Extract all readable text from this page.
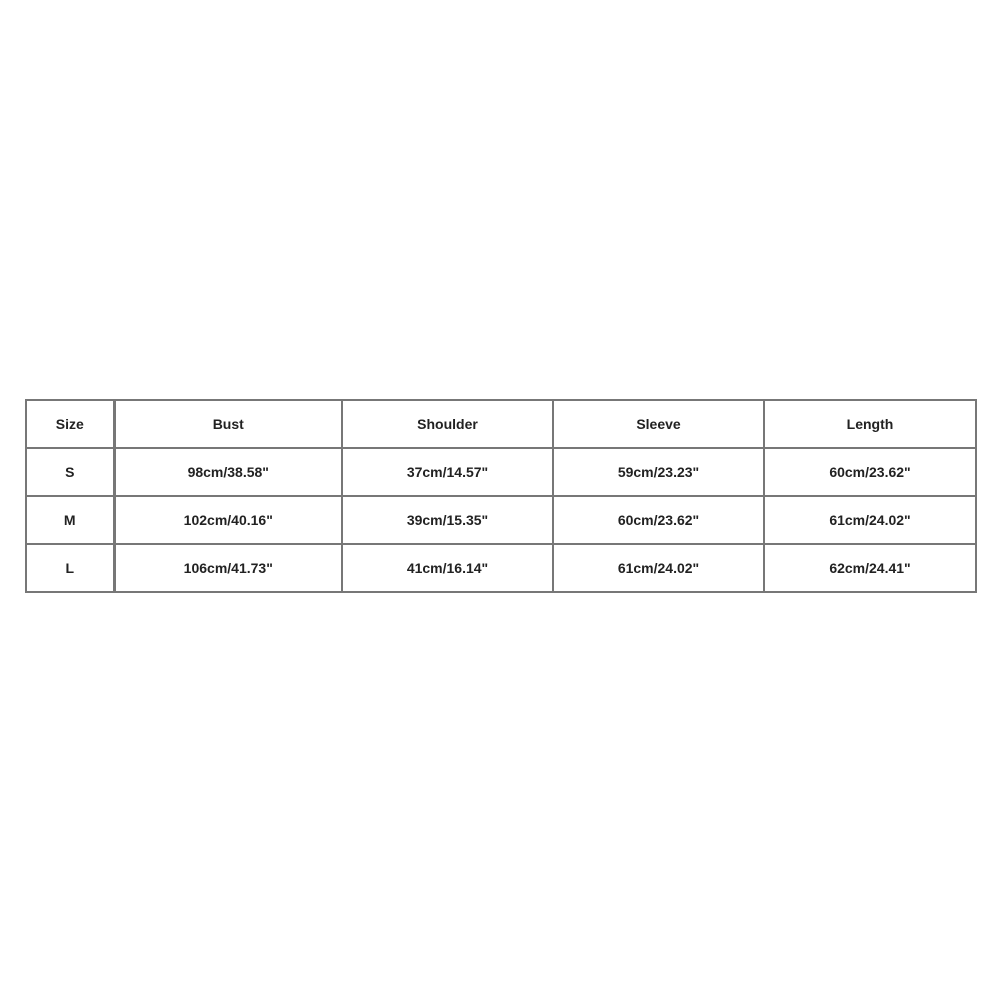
Size	Bust	Shoulder	Sleeve	Length
S	98cm/38.58"	37cm/14.57"	59cm/23.23"	60cm/23.62"
M	102cm/40.16"	39cm/15.35"	60cm/23.62"	61cm/24.02"
L	106cm/41.73"	41cm/16.14"	61cm/24.02"	62cm/24.41"
